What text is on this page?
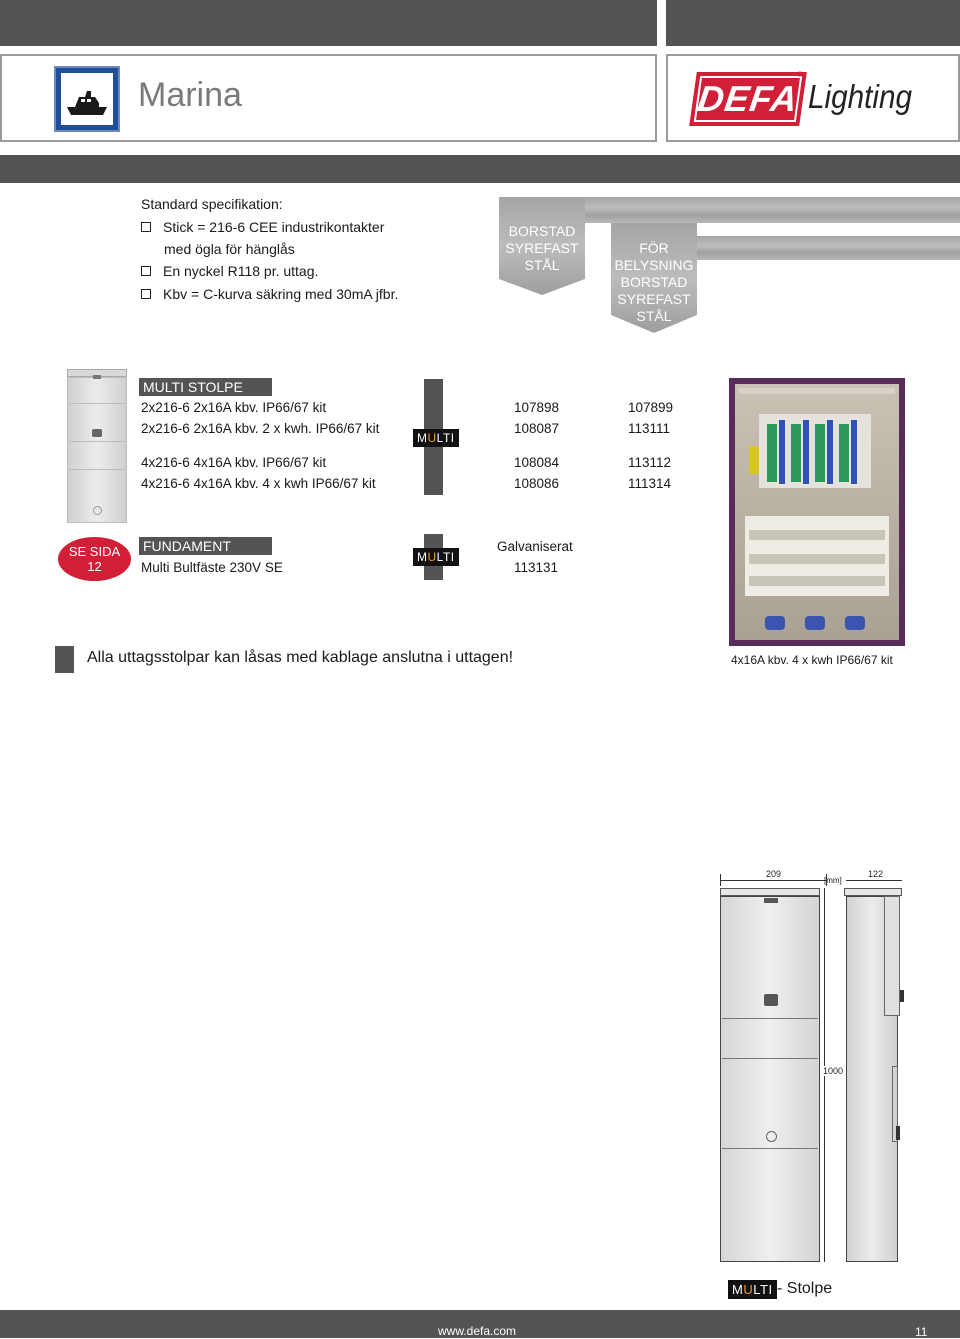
Marina	DEFA
®
Lighting
Standard specifikation:
Stick = 216-6 CEE industrikontakter
med ögla för hänglås
En nyckel R118 pr. uttag.
Kbv = C-kurva säkring med 30mA jfbr.
BORSTAD
SYREFAST
STÅL
FÖR BELYSNING
BORSTAD
SYREFAST
STÅL
MULTI STOLPE
MULTI
2x216-6 2x16A kbv. IP66/67 kit	107898	107899
2x216-6 2x16A kbv. 2 x kwh. IP66/67 kit	108087	113111
4x216-6 4x16A kbv. IP66/67 kit	108084	113112
4x216-6 4x16A kbv. 4 x kwh IP66/67 kit	108086	111314
4x16A kbv. 4 x kwh IP66/67 kit
SE SIDA
12
FUNDAMENT
MULTI
Galvaniserat
Multi Bultfäste 230V SE	113131
Alla uttagsstolpar kan låsas med kablage anslutna i uttagen!
209
[mm]
122
1000
MULTI - Stolpe
www.defa.com	11
